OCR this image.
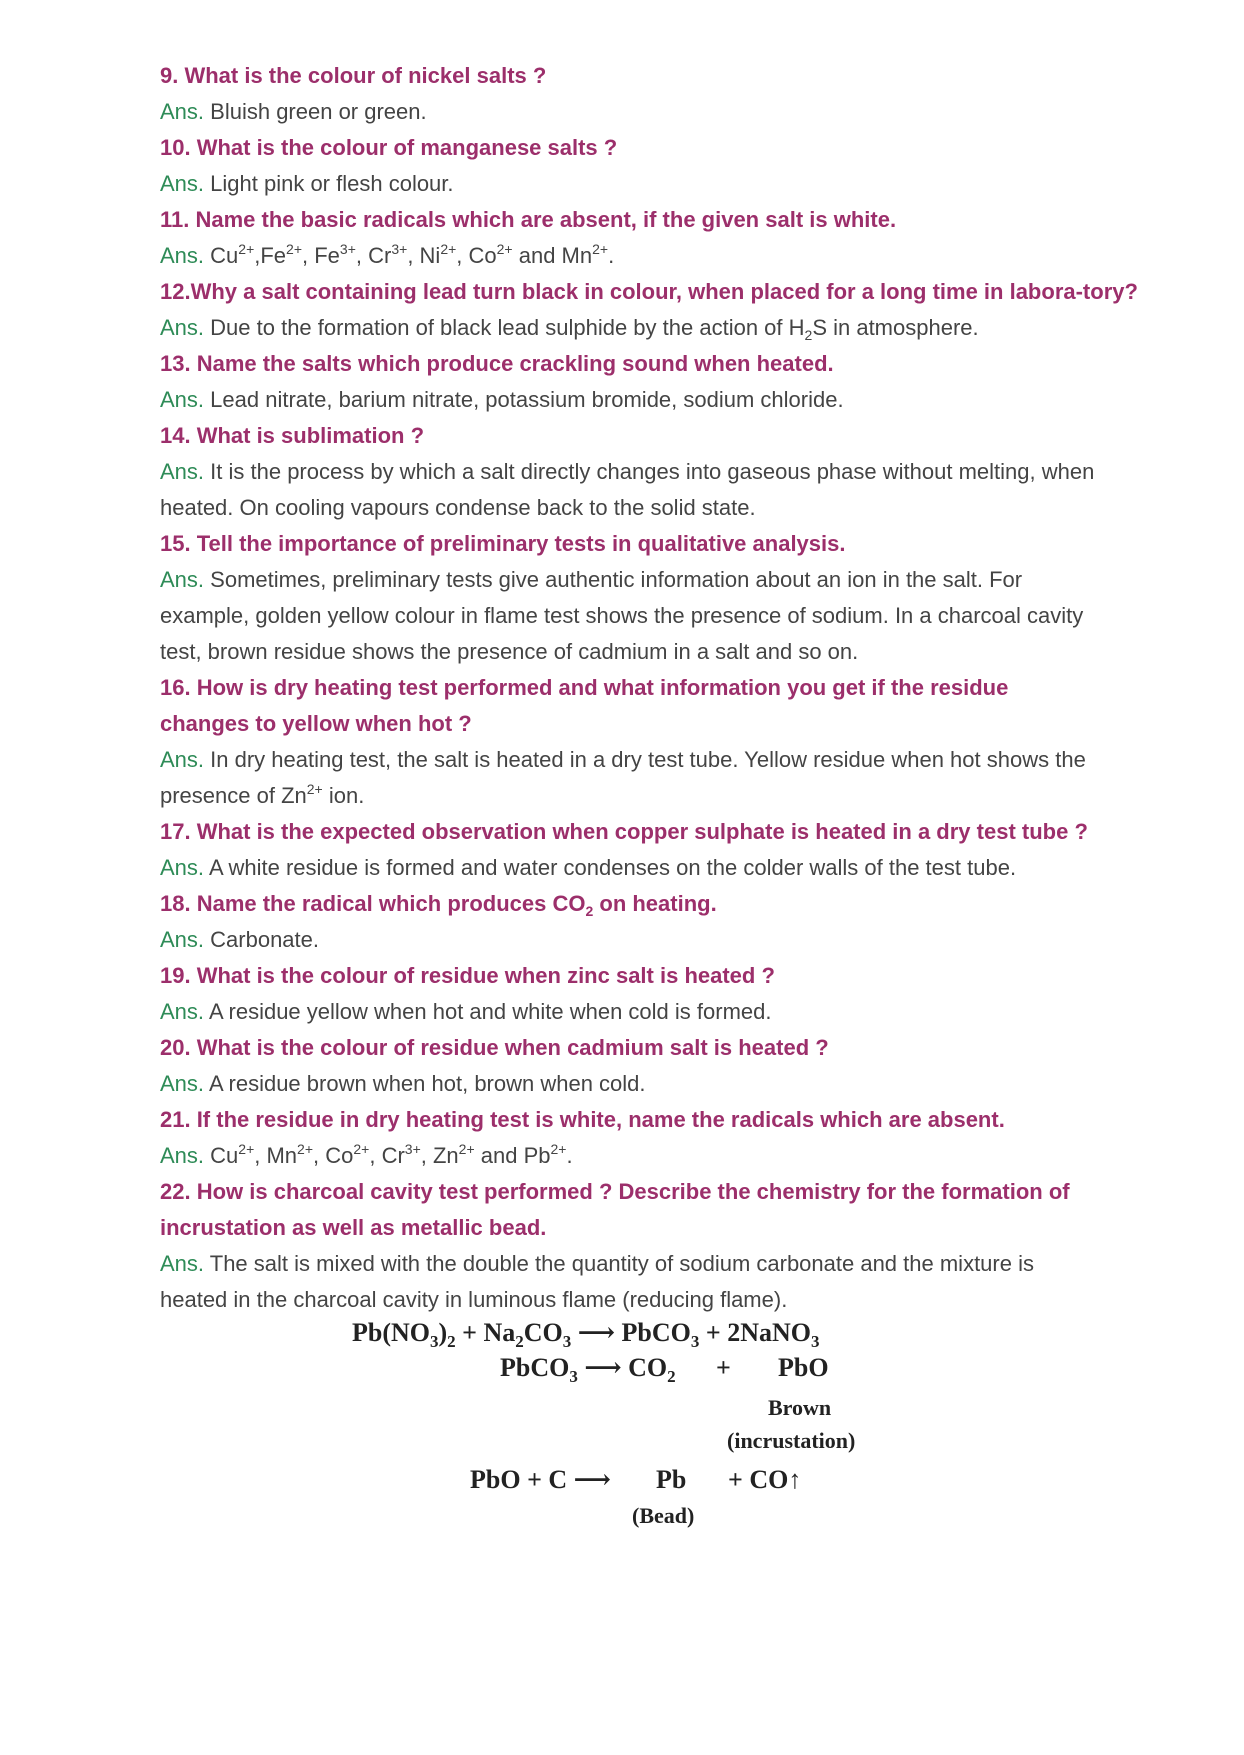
9. What is the colour of nickel salts ?

Ans. Bluish green or green.

10. What is the colour of manganese salts ?

Ans. Light pink or flesh colour.

11. Name the basic radicals which are absent, if the given salt is white.

Ans. $Cu^{2+},Fe^{2+}$, $Fe^{3+}$, $Cr^{3+}$, $Ni^{2+}$, $Co^{2+}$ and $Mn^{2+}$.

12.Why a salt containing lead turn black in colour, when placed for a long time in labora-tory?

Ans. Due to the formation of black lead sulphide by the action of $H_2S$ in atmosphere.

13. Name the salts which produce crackling sound when heated.

Ans. Lead nitrate, barium nitrate, potassium bromide, sodium chloride.

14. What is sublimation ?

Ans. It is the process by which a salt directly changes into gaseous phase without melting, when heated. On cooling vapours condense back to the solid state.

15. Tell the importance of preliminary tests in qualitative analysis.

Ans. Sometimes, preliminary tests give authentic information about an ion in the salt. For example, golden yellow colour in flame test shows the presence of sodium. In a charcoal cavity test, brown residue shows the presence of cadmium in a salt and so on.

16. How is dry heating test performed and what information you get if the residue changes to yellow when hot ?

Ans. In dry heating test, the salt is heated in a dry test tube. Yellow residue when hot shows the presence of $Zn^{2+}$ ion.

17. What is the expected observation when copper sulphate is heated in a dry test tube ? Ans. A white residue is formed and water condenses on the colder walls of the test tube.

18. Name the radical which produces $CO_2$ on heating.

Ans. Carbonate.

19. What is the colour of residue when zinc salt is heated ?

Ans. A residue yellow when hot and white when cold is formed.

20. What is the colour of residue when cadmium salt is heated ?

Ans. A residue brown when hot, brown when cold.

21. If the residue in dry heating test is white, name the radicals which are absent.

Ans. $Cu^{2+}$, $Mn^{2+}$, $Co^{2+}$, $Cr^{3+}$, $Zn^{2+}$ and $Pb^{2+}$.

22. How is charcoal cavity test performed ? Describe the chemistry for the formation of incrustation as well as metallic bead.

Ans. The salt is mixed with the double the quantity of sodium carbonate and the mixture is heated in the charcoal cavity in luminous flame (reducing flame).

$Pb(NO_3)_2 + Na_2CO_3$ ⟶ PbCO$_3$ + 2NaNO$_3$
PbCO$_3$ ⟶ $CO_2$ + PbO
Brown
(incrustation)
PbO + C ⟶ Pb + CO↑
(Bead)
